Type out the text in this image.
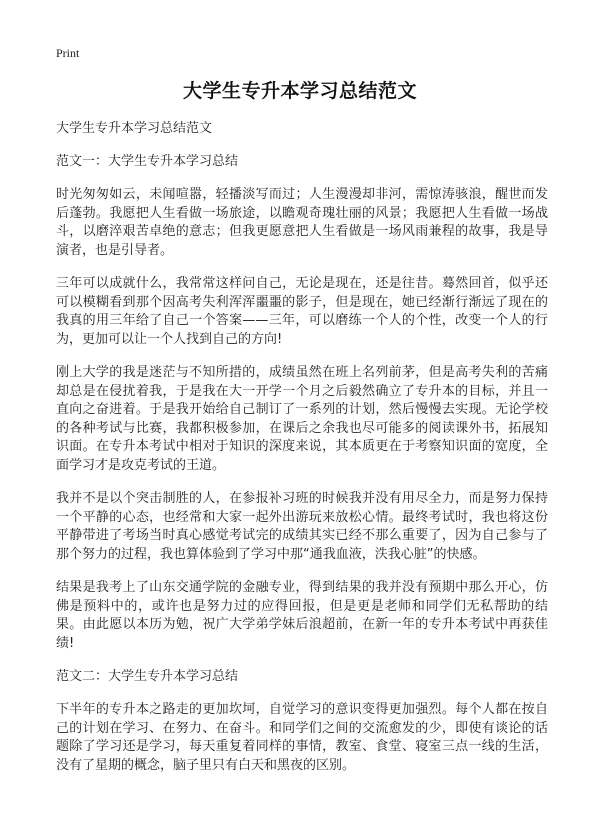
Print
大学生专升本学习总结范文

大学生专升本学习总结范文

范文一：大学生专升本学习总结

时光匆匆如云，未闻喧嚣，轻播淡写而过；人生漫漫却非河，需惊涛骇浪，醒世而发后蓬勃。我愿把人生看做一场旅途，以瞻观奇瑰壮丽的风景；我愿把人生看做一场战斗，以磨淬艰苦卓绝的意志；但我更愿意把人生看做是一场风雨兼程的故事，我是导演者，也是引导者。

三年可以成就什么，我常常这样问自己，无论是现在，还是往昔。蓦然回首，似乎还可以模糊看到那个因高考失利浑浑噩噩的影子，但是现在，她已经渐行渐远了现在的我真的用三年给了自己一个答案——三年，可以磨练一个人的个性，改变一个人的行为，更加可以让一个人找到自己的方向!

刚上大学的我是迷茫与不知所措的，成绩虽然在班上名列前茅，但是高考失利的苦痛却总是在侵扰着我，于是我在大一开学一个月之后毅然确立了专升本的目标，并且一直向之奋进着。于是我开始给自己制订了一系列的计划，然后慢慢去实现。无论学校的各种考试与比赛，我都积极参加，在课后之余我也尽可能多的阅读课外书，拓展知识面。在专升本考试中相对于知识的深度来说，其本质更在于考察知识面的宽度，全面学习才是攻克考试的王道。

我并不是以个突击制胜的人，在参报补习班的时候我并没有用尽全力，而是努力保持一个平静的心态，也经常和大家一起外出游玩来放松心情。最终考试时，我也将这份平静带进了考场当时真心感觉考试完的成绩其实已经不那么重要了，因为自己参与了那个努力的过程，我也算体验到了学习中那“通我血液，泆我心脏”的快感。

结果是我考上了山东交通学院的金融专业，得到结果的我并没有预期中那么开心，仿佛是预料中的，或许也是努力过的应得回报，但是更是老师和同学们无私帮助的结果。由此愿以本历为勉，祝广大学弟学妹后浪超前，在新一年的专升本考试中再获佳绩!

范文二：大学生专升本学习总结

下半年的专升本之路走的更加坎坷，自觉学习的意识变得更加强烈。每个人都在按自己的计划在学习、在努力、在奋斗。和同学们之间的交流愈发的少，即使有谈论的话题除了学习还是学习，每天重复着同样的事情，教室、食堂、寝室三点一线的生活，没有了星期的概念，脑子里只有白天和黑夜的区别。
